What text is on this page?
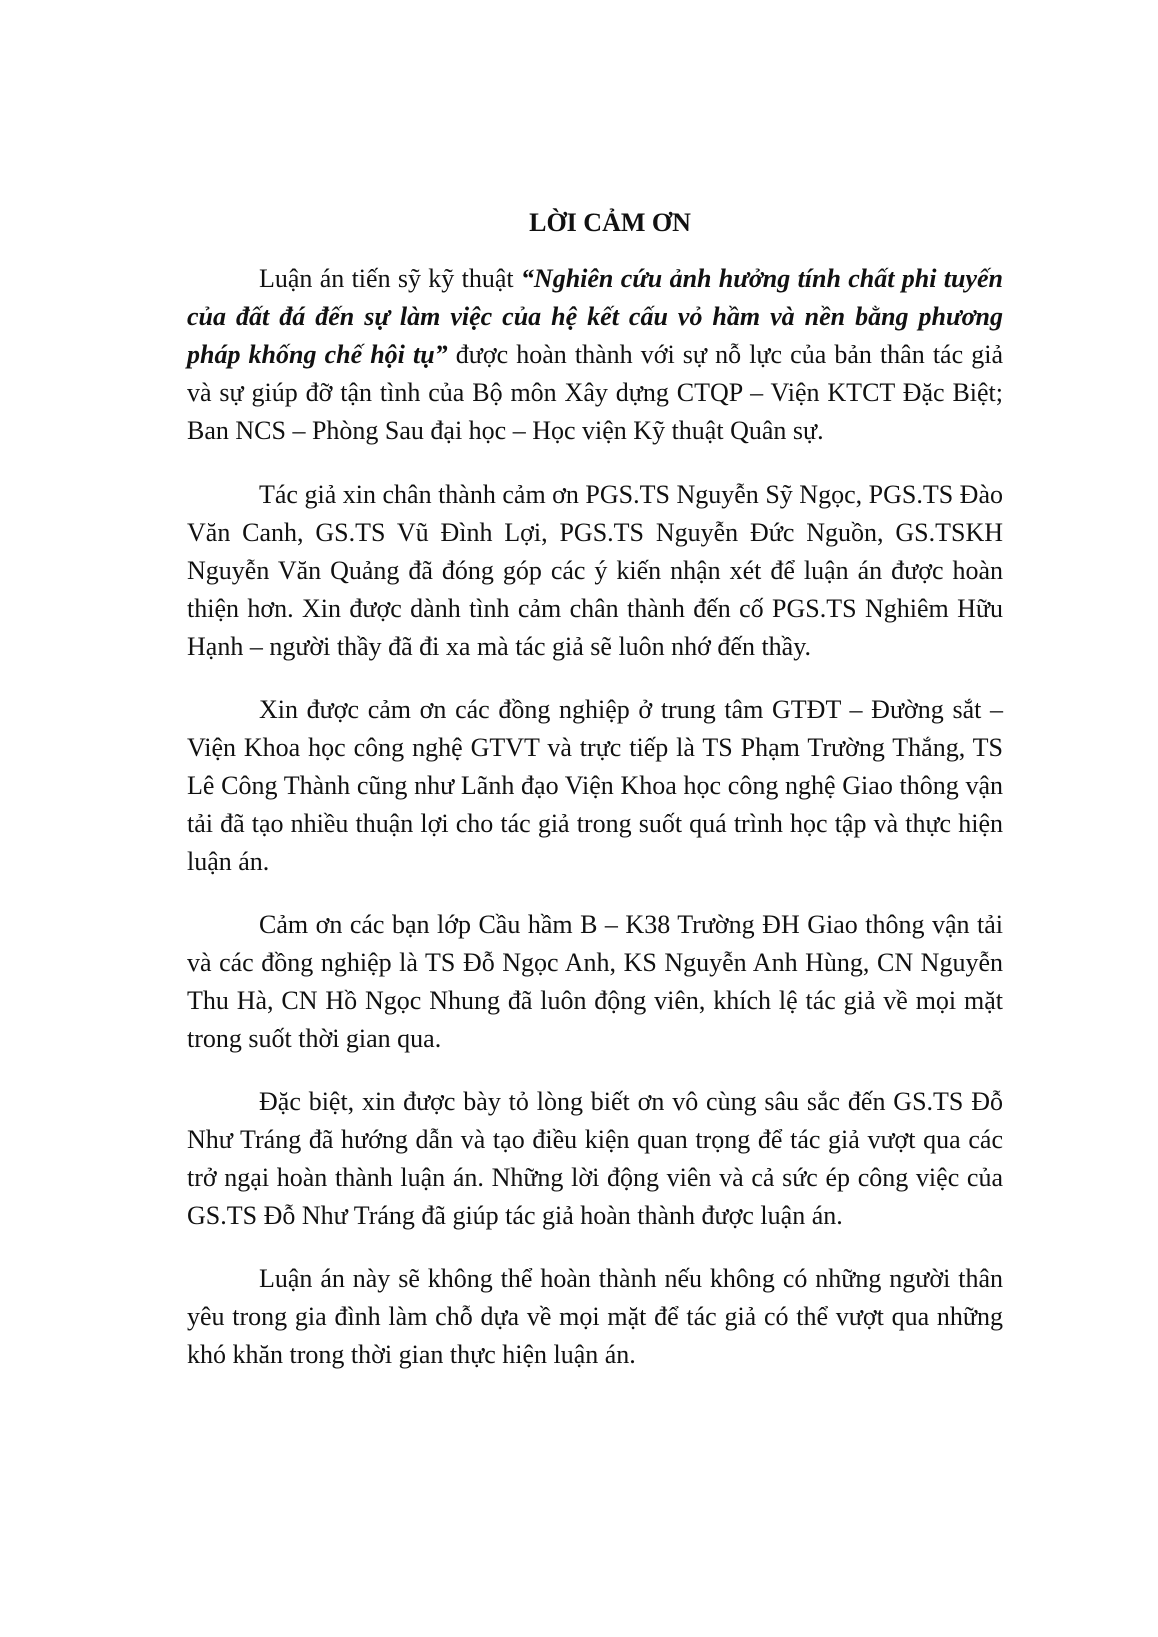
LỜI CẢM ƠN

Luận án tiến sỹ kỹ thuật “Nghiên cứu ảnh hưởng tính chất phi tuyến của đất đá đến sự làm việc của hệ kết cấu vỏ hầm và nền bằng phương pháp khống chế hội tụ” được hoàn thành với sự nỗ lực của bản thân tác giả và sự giúp đỡ tận tình của Bộ môn Xây dựng CTQP – Viện KTCT Đặc Biệt; Ban NCS – Phòng Sau đại học – Học viện Kỹ thuật Quân sự.

Tác giả xin chân thành cảm ơn PGS.TS Nguyễn Sỹ Ngọc, PGS.TS Đào Văn Canh, GS.TS Vũ Đình Lợi, PGS.TS Nguyễn Đức Nguồn, GS.TSKH Nguyễn Văn Quảng đã đóng góp các ý kiến nhận xét để luận án được hoàn thiện hơn. Xin được dành tình cảm chân thành đến cố PGS.TS Nghiêm Hữu Hạnh – người thầy đã đi xa mà tác giả sẽ luôn nhớ đến thầy.

Xin được cảm ơn các đồng nghiệp ở trung tâm GTĐT – Đường sắt – Viện Khoa học công nghệ GTVT và trực tiếp là TS Phạm Trường Thắng, TS Lê Công Thành cũng như Lãnh đạo Viện Khoa học công nghệ Giao thông vận tải đã tạo nhiều thuận lợi cho tác giả trong suốt quá trình học tập và thực hiện luận án.

Cảm ơn các bạn lớp Cầu hầm B – K38 Trường ĐH Giao thông vận tải và các đồng nghiệp là TS Đỗ Ngọc Anh, KS Nguyễn Anh Hùng, CN Nguyễn Thu Hà, CN Hồ Ngọc Nhung đã luôn động viên, khích lệ tác giả về mọi mặt trong suốt thời gian qua.

Đặc biệt, xin được bày tỏ lòng biết ơn vô cùng sâu sắc đến GS.TS Đỗ Như Tráng đã hướng dẫn và tạo điều kiện quan trọng để tác giả vượt qua các trở ngại hoàn thành luận án. Những lời động viên và cả sức ép công việc của GS.TS Đỗ Như Tráng đã giúp tác giả hoàn thành được luận án.

Luận án này sẽ không thể hoàn thành nếu không có những người thân yêu trong gia đình làm chỗ dựa về mọi mặt để tác giả có thể vượt qua những khó khăn trong thời gian thực hiện luận án.
